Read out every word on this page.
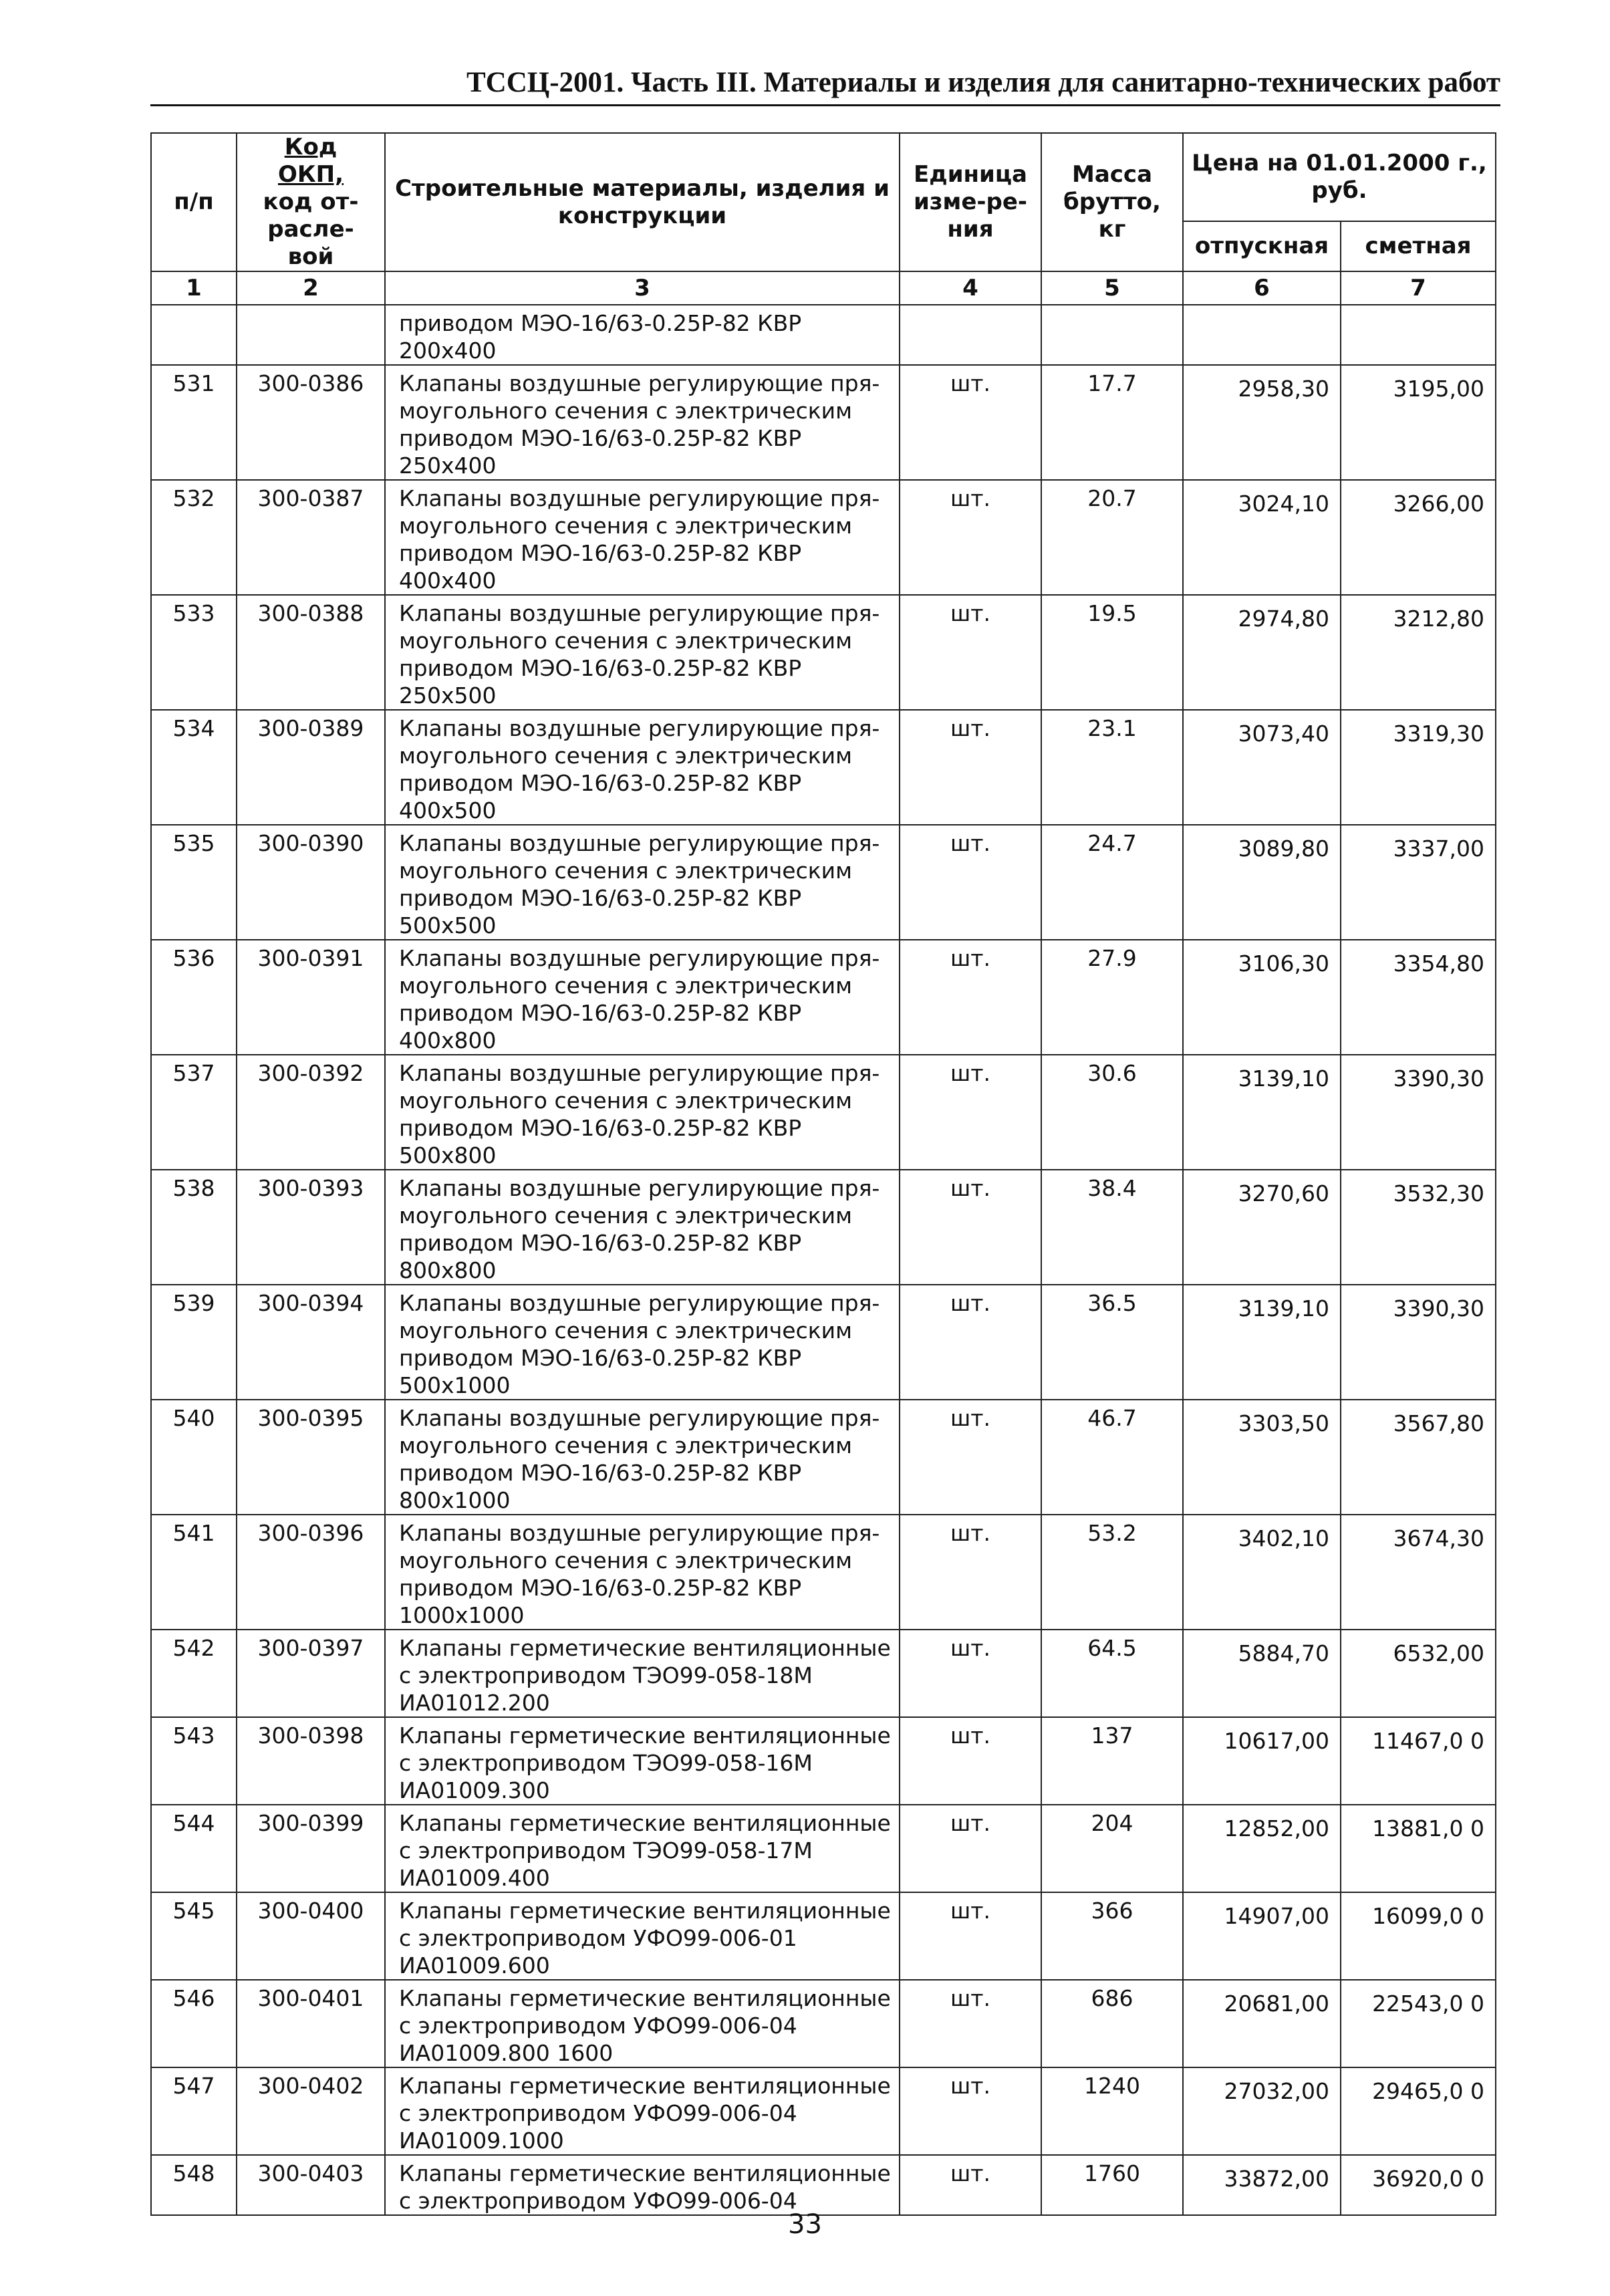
ТССЦ-2001. Часть III. Материалы и изделия для санитарно-технических работ
п/п	Код
ОКП,
код от-
расле-
вой	Строительные материалы, изделия и конструкции	Единица изме-ре-ния	Масса брутто, кг	Цена на 01.01.2000 г., руб.	
					отпускная	сметная
1	2	3	4	5	6	7

		приводом МЭО-16/63-0.25Р-82 КВР
200x400				

531	300-0386	Клапаны воздушные регулирующие пря-
моугольного сечения с электрическим
приводом МЭО-16/63-0.25Р-82 КВР
250x400	шт.	17.7	2958,30	3195,00
532	300-0387	Клапаны воздушные регулирующие пря-
моугольного сечения с электрическим
приводом МЭО-16/63-0.25Р-82 КВР
400x400	шт.	20.7	3024,10	3266,00
533	300-0388	Клапаны воздушные регулирующие пря-
моугольного сечения с электрическим
приводом МЭО-16/63-0.25Р-82 КВР
250x500	шт.	19.5	2974,80	3212,80
534	300-0389	Клапаны воздушные регулирующие пря-
моугольного сечения с электрическим
приводом МЭО-16/63-0.25Р-82 КВР
400x500	шт.	23.1	3073,40	3319,30
535	300-0390	Клапаны воздушные регулирующие пря-
моугольного сечения с электрическим
приводом МЭО-16/63-0.25Р-82 КВР
500x500	шт.	24.7	3089,80	3337,00
536	300-0391	Клапаны воздушные регулирующие пря-
моугольного сечения с электрическим
приводом МЭО-16/63-0.25Р-82 КВР
400x800	шт.	27.9	3106,30	3354,80
537	300-0392	Клапаны воздушные регулирующие пря-
моугольного сечения с электрическим
приводом МЭО-16/63-0.25Р-82 КВР
500x800	шт.	30.6	3139,10	3390,30
538	300-0393	Клапаны воздушные регулирующие пря-
моугольного сечения с электрическим
приводом МЭО-16/63-0.25Р-82 КВР
800x800	шт.	38.4	3270,60	3532,30
539	300-0394	Клапаны воздушные регулирующие пря-
моугольного сечения с электрическим
приводом МЭО-16/63-0.25Р-82 КВР
500x1000	шт.	36.5	3139,10	3390,30
540	300-0395	Клапаны воздушные регулирующие пря-
моугольного сечения с электрическим
приводом МЭО-16/63-0.25Р-82 КВР
800x1000	шт.	46.7	3303,50	3567,80
541	300-0396	Клапаны воздушные регулирующие пря-
моугольного сечения с электрическим
приводом МЭО-16/63-0.25Р-82 КВР
1000x1000	шт.	53.2	3402,10	3674,30
542	300-0397	Клапаны герметические вентиляционные
с электроприводом ТЭО99-058-18М
ИА01012.200	шт.	64.5	5884,70	6532,00
543	300-0398	Клапаны герметические вентиляционные
с электроприводом ТЭО99-058-16М
ИА01009.300	шт.	137	10617,00	11467,0 0
544	300-0399	Клапаны герметические вентиляционные
с электроприводом ТЭО99-058-17М
ИА01009.400	шт.	204	12852,00	13881,0 0
545	300-0400	Клапаны герметические вентиляционные
с электроприводом УФО99-006-01
ИА01009.600	шт.	366	14907,00	16099,0 0
546	300-0401	Клапаны герметические вентиляционные
с электроприводом УФО99-006-04
ИА01009.800 1600	шт.	686	20681,00	22543,0 0
547	300-0402	Клапаны герметические вентиляционные
с электроприводом УФО99-006-04
ИА01009.1000	шт.	1240	27032,00	29465,0 0
548	300-0403	Клапаны герметические вентиляционные
с электроприводом УФО99-006-04	шт.	1760	33872,00	36920,0 0
33
